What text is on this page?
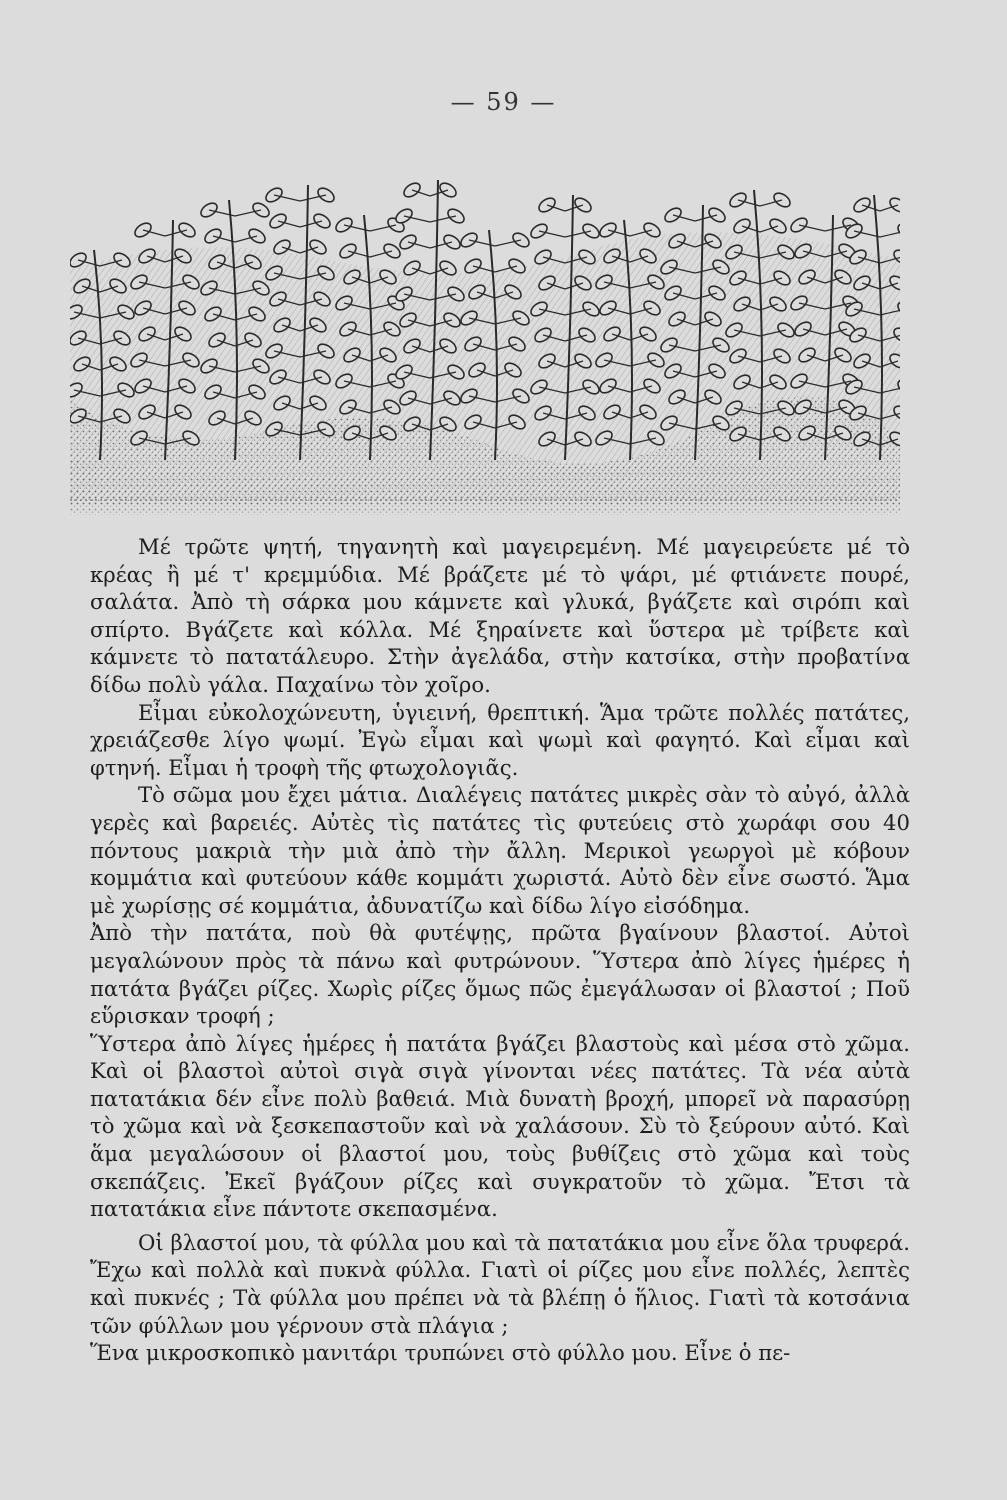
— 59 —

Μέ τρῶτε ψητή, τηγανητὴ καὶ μαγειρεμένη. Μέ μαγειρεύετε μέ τὸ κρέας ἢ μέ τ' κρεμμύδια. Μέ βράζετε μέ τὸ ψάρι, μέ φτιάνετε πουρέ, σαλάτα. Ἀπὸ τὴ σάρκα μου κάμνετε καὶ γλυκά, βγάζετε καὶ σιρόπι καὶ σπίρτο. Βγάζετε καὶ κόλλα. Μέ ξηραίνετε καὶ ὕστερα μὲ τρίβετε καὶ κάμνετε τὸ πατατάλευρο. Στὴν ἀγελάδα, στὴν κατσίκα, στὴν προβατίνα δίδω πολὺ γάλα. Παχαίνω τὸν χοῖρο.

Εἶμαι εὐκολοχώνευτη, ὑγιεινή, θρεπτική. Ἅμα τρῶτε πολλές πατάτες, χρειάζεσθε λίγο ψωμί. Ἐγὼ εἶμαι καὶ ψωμὶ καὶ φαγητό. Καὶ εἶμαι καὶ φτηνή. Εἶμαι ἡ τροφὴ τῆς φτωχολογιᾶς.

Τὸ σῶμα μου ἔχει μάτια. Διαλέγεις πατάτες μικρὲς σὰν τὸ αὐγό, ἀλλὰ γερὲς καὶ βαρειές. Αὐτὲς τὶς πατάτες τὶς φυτεύεις στὸ χωράφι σου 40 πόντους μακριὰ τὴν μιὰ ἀπὸ τὴν ἄλλη. Μερικοὶ γεωργοὶ μὲ κόβουν κομμάτια καὶ φυτεύουν κάθε κομμάτι χωριστά. Αὐτὸ δὲν εἶνε σωστό. Ἅμα μὲ χωρίσῃς σέ κομμάτια, ἀδυνατίζω καὶ δίδω λίγο εἰσόδημα.

Ἀπὸ τὴν πατάτα, ποὺ θὰ φυτέψῃς, πρῶτα βγαίνουν βλαστοί. Αὐτοὶ μεγαλώνουν πρὸς τὰ πάνω καὶ φυτρώνουν. Ὕστερα ἀπὸ λίγες ἡμέρες ἡ πατάτα βγάζει ρίζες. Χωρὶς ρίζες ὅμως πῶς ἐμεγάλωσαν οἱ βλαστοί ; Ποῦ εὕρισκαν τροφή ;

Ὕστερα ἀπὸ λίγες ἡμέρες ἡ πατάτα βγάζει βλαστοὺς καὶ μέσα στὸ χῶμα. Καὶ οἱ βλαστοὶ αὐτοὶ σιγὰ σιγὰ γίνονται νέες πατάτες. Τὰ νέα αὐτὰ πατατάκια δέν εἶνε πολὺ βαθειά. Μιὰ δυνατὴ βροχή, μπορεῖ νὰ παρασύρῃ τὸ χῶμα καὶ νὰ ξεσκεπαστοῦν καὶ νὰ χαλάσουν. Σὺ τὸ ξεύρουν αὐτό. Καὶ ἅμα μεγαλώσουν οἱ βλαστοί μου, τοὺς βυθίζεις στὸ χῶμα καὶ τοὺς σκεπάζεις. Ἐκεῖ βγάζουν ρίζες καὶ συγκρατοῦν τὸ χῶμα. Ἔτσι τὰ πατατάκια εἶνε πάντοτε σκεπασμένα.

Οἱ βλαστοί μου, τὰ φύλλα μου καὶ τὰ πατατάκια μου εἶνε ὅλα τρυφερά. Ἔχω καὶ πολλὰ καὶ πυκνὰ φύλλα. Γιατὶ οἱ ρίζες μου εἶνε πολλές, λεπτὲς καὶ πυκνές ; Τὰ φύλλα μου πρέπει νὰ τὰ βλέπῃ ὁ ἥλιος. Γιατὶ τὰ κοτσάνια τῶν φύλλων μου γέρνουν στὰ πλάγια ;

Ἕνα μικροσκοπικὸ μανιτάρι τρυπώνει στὸ φύλλο μου. Εἶνε ὁ πε-
